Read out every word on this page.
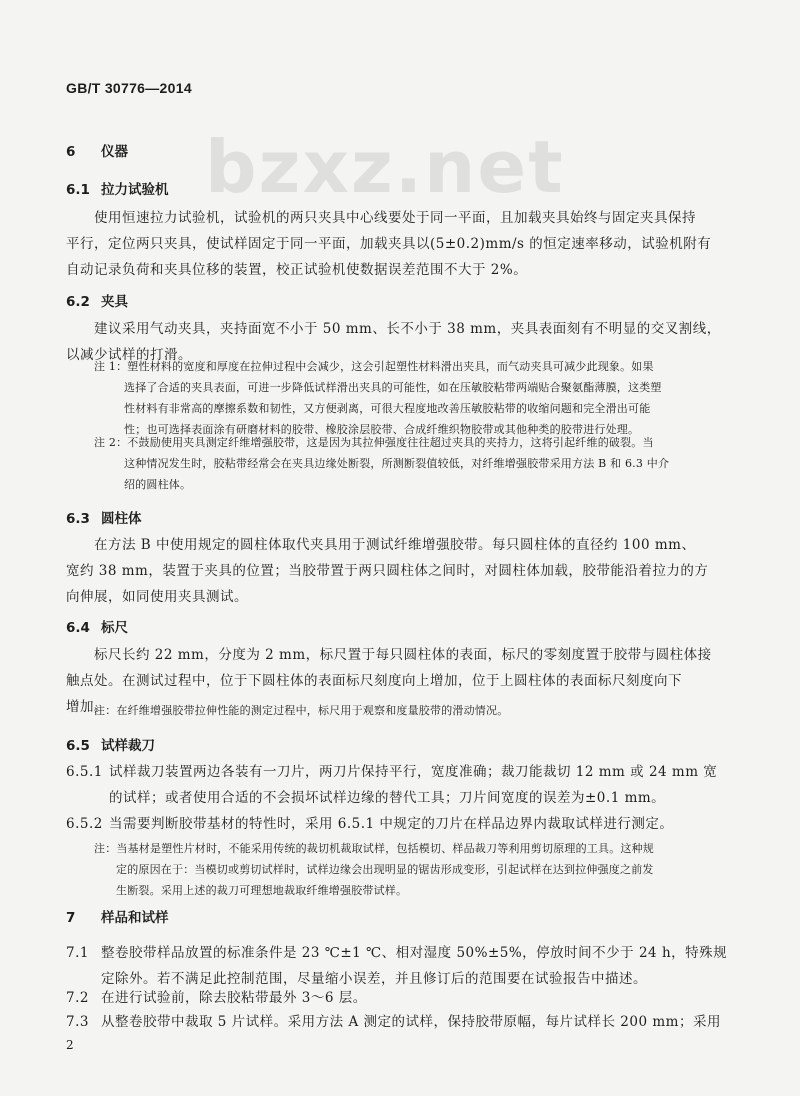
GB/T 30776—2014
bzxz.net
6 仪器
6.1 拉力试验机
使用恒速拉力试验机，试验机的两只夹具中心线要处于同一平面，且加载夹具始终与固定夹具保持
平行，定位两只夹具，使试样固定于同一平面，加载夹具以(5±0.2)mm/s 的恒定速率移动，试验机附有
自动记录负荷和夹具位移的装置，校正试验机使数据误差范围不大于 2%。
6.2 夹具
建议采用气动夹具，夹持面宽不小于 50 mm、长不小于 38 mm，夹具表面刻有不明显的交叉割线，
以减少试样的打滑。
注 1：塑性材料的宽度和厚度在拉伸过程中会减少，这会引起塑性材料滑出夹具，而气动夹具可减少此现象。如果
选择了合适的夹具表面，可进一步降低试样滑出夹具的可能性，如在压敏胶粘带两端贴合聚氨酯薄膜，这类塑
性材料有非常高的摩擦系数和韧性，又方便剥离，可很大程度地改善压敏胶粘带的收缩问题和完全滑出可能
性；也可选择表面涂有研磨材料的胶带、橡胶涂层胶带、合成纤维织物胶带或其他种类的胶带进行处理。
注 2：不鼓励使用夹具测定纤维增强胶带，这是因为其拉伸强度往往超过夹具的夹持力，这将引起纤维的破裂。当
这种情况发生时，胶粘带经常会在夹具边缘处断裂，所测断裂值较低，对纤维增强胶带采用方法 B 和 6.3 中介
绍的圆柱体。
6.3 圆柱体
在方法 B 中使用规定的圆柱体取代夹具用于测试纤维增强胶带。每只圆柱体的直径约 100 mm、
宽约 38 mm，装置于夹具的位置；当胶带置于两只圆柱体之间时，对圆柱体加载，胶带能沿着拉力的方
向伸展，如同使用夹具测试。
6.4 标尺
标尺长约 22 mm，分度为 2 mm，标尺置于每只圆柱体的表面，标尺的零刻度置于胶带与圆柱体接
触点处。在测试过程中，位于下圆柱体的表面标尺刻度向上增加，位于上圆柱体的表面标尺刻度向下
增加。
注：在纤维增强胶带拉伸性能的测定过程中，标尺用于观察和度量胶带的滑动情况。
6.5 试样裁刀
6.5.1 试样裁刀装置两边各装有一刀片，两刀片保持平行，宽度准确；裁刀能裁切 12 mm 或 24 mm 宽
的试样；或者使用合适的不会损坏试样边缘的替代工具；刀片间宽度的误差为±0.1 mm。
6.5.2 当需要判断胶带基材的特性时，采用 6.5.1 中规定的刀片在样品边界内裁取试样进行测定。
注：当基材是塑性片材时，不能采用传统的裁切机裁取试样，包括模切、样品裁刀等利用剪切原理的工具。这种规
定的原因在于：当模切或剪切试样时，试样边缘会出现明显的锯齿形成变形，引起试样在达到拉伸强度之前发
生断裂。采用上述的裁刀可理想地裁取纤维增强胶带试样。
7 样品和试样
7.1 整卷胶带样品放置的标准条件是 23 ℃±1 ℃、相对湿度 50%±5%，停放时间不少于 24 h，特殊规
定除外。若不满足此控制范围，尽量缩小误差，并且修订后的范围要在试验报告中描述。
7.2 在进行试验前，除去胶粘带最外 3～6 层。
7.3 从整卷胶带中裁取 5 片试样。采用方法 A 测定的试样，保持胶带原幅，每片试样长 200 mm；采用
2
